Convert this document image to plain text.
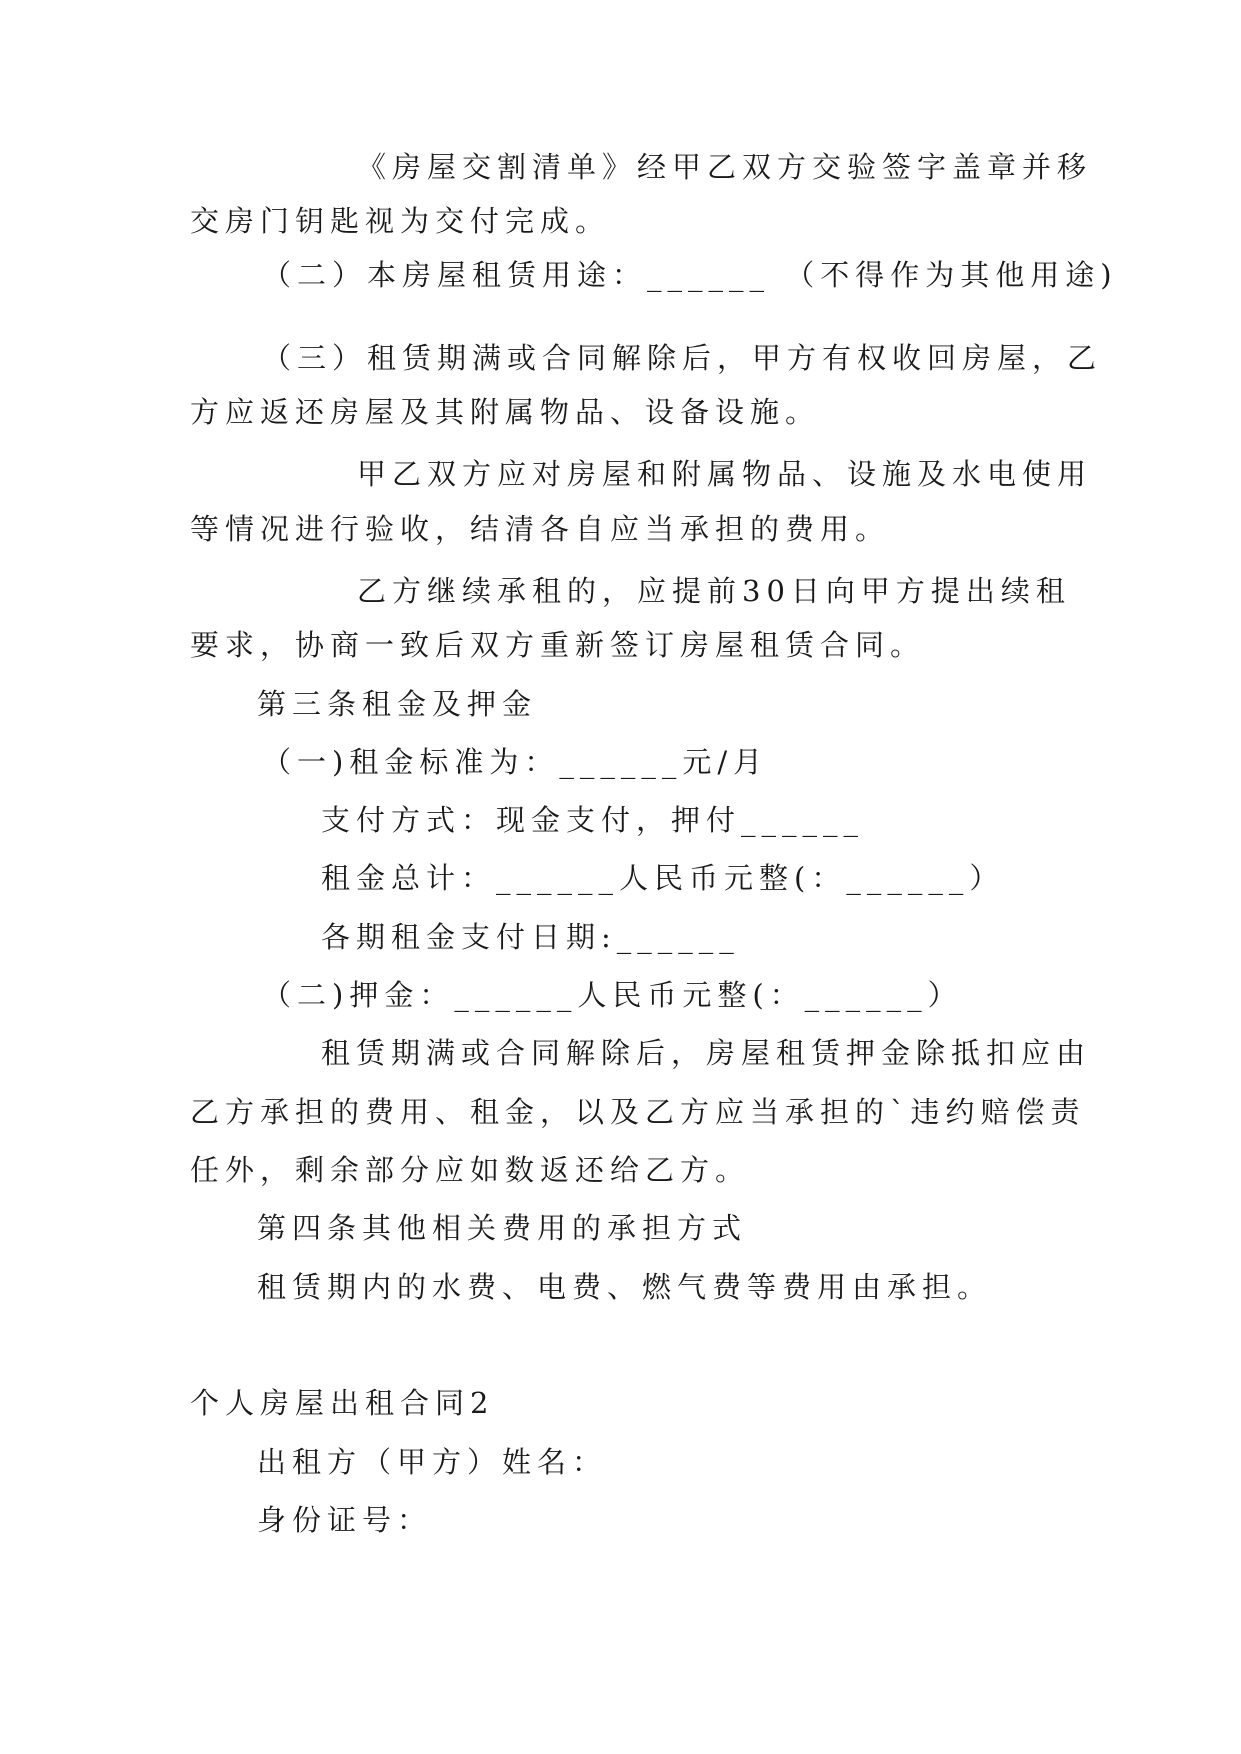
《房屋交割清单》经甲乙双方交验签字盖章并移
交房门钥匙视为交付完成。
（二）本房屋租赁用途：______ （不得作为其他用途)
（三）租赁期满或合同解除后，甲方有权收回房屋，乙
方应返还房屋及其附属物品、设备设施。
甲乙双方应对房屋和附属物品、设施及水电使用
等情况进行验收，结清各自应当承担的费用。
乙方继续承租的，应提前30日向甲方提出续租
要求，协商一致后双方重新签订房屋租赁合同。
第三条租金及押金
（一)租金标准为：______元/月
支付方式：现金支付，押付______
租金总计：______人民币元整(：______）
各期租金支付日期:______
（二)押金：______人民币元整(：______）
租赁期满或合同解除后，房屋租赁押金除抵扣应由
乙方承担的费用、租金，以及乙方应当承担的`违约赔偿责
任外，剩余部分应如数返还给乙方。
第四条其他相关费用的承担方式
租赁期内的水费、电费、燃气费等费用由承担。
个人房屋出租合同2
出租方（甲方）姓名：
身份证号：
